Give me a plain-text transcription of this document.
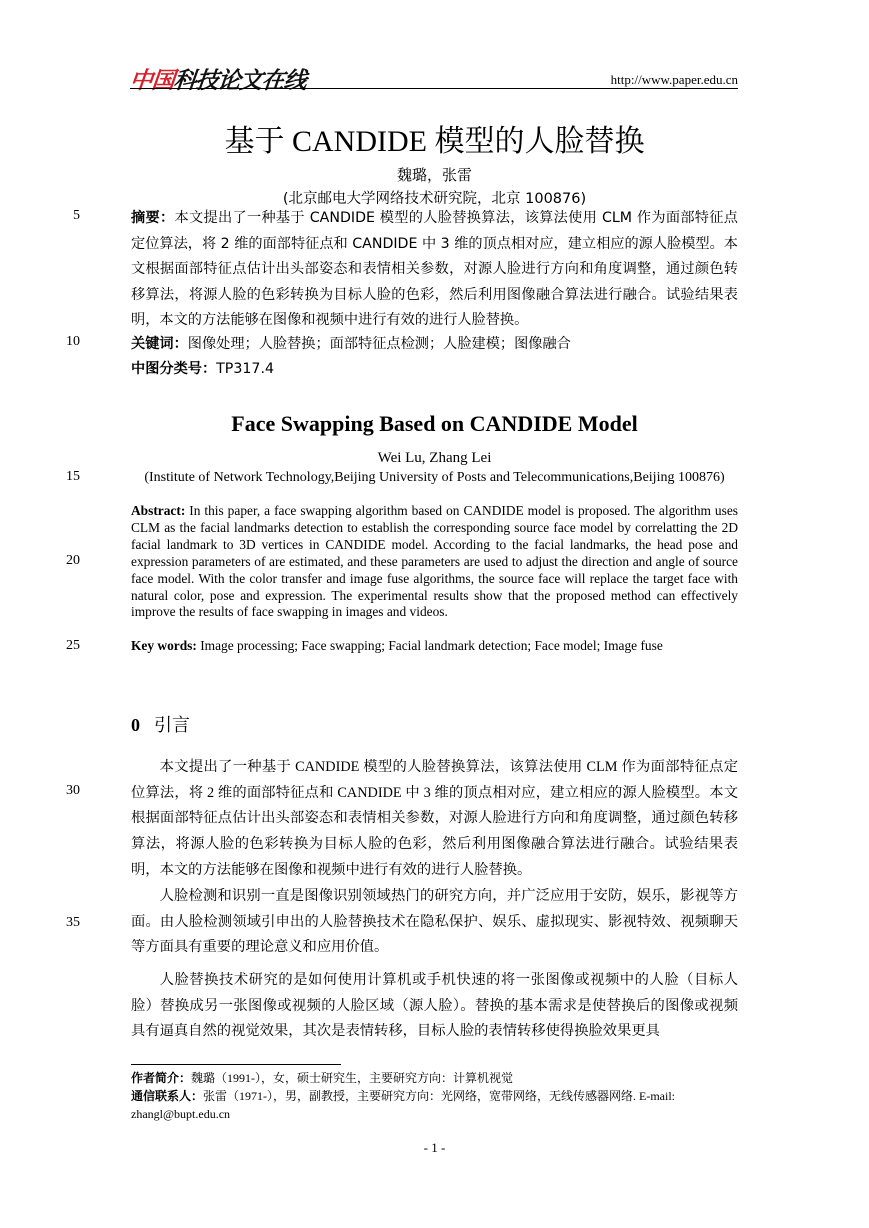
中国科技论文在线	http://www.paper.edu.cn
基于 CANDIDE 模型的人脸替换
魏璐，张雷
(北京邮电大学网络技术研究院，北京 100876)
5
10
15
20
25
30
35
摘要：本文提出了一种基于 CANDIDE 模型的人脸替换算法，该算法使用 CLM 作为面部特征点定位算法，将 2 维的面部特征点和 CANDIDE 中 3 维的顶点相对应，建立相应的源人脸模型。本文根据面部特征点估计出头部姿态和表情相关参数，对源人脸进行方向和角度调整，通过颜色转移算法，将源人脸的色彩转换为目标人脸的色彩，然后利用图像融合算法进行融合。试验结果表明，本文的方法能够在图像和视频中进行有效的进行人脸替换。
关键词：图像处理；人脸替换；面部特征点检测；人脸建模；图像融合
中图分类号：TP317.4
Face Swapping Based on CANDIDE Model
Wei Lu, Zhang Lei
(Institute of Network Technology,Beijing University of Posts and Telecommunications,Beijing 100876)
Abstract: In this paper, a face swapping algorithm based on CANDIDE model is proposed. The algorithm uses CLM as the facial landmarks detection to establish the corresponding source face model by correlatting the 2D facial landmark to 3D vertices in CANDIDE model. According to the facial landmarks, the head pose and expression parameters of are estimated, and these parameters are used to adjust the direction and angle of source face model. With the color transfer and image fuse algorithms, the source face will replace the target face with natural color, pose and expression. The experimental results show that the proposed method can effectively improve the results of face swapping in images and videos.
Key words: Image processing; Face swapping; Facial landmark detection; Face model; Image fuse
0 引言
本文提出了一种基于 CANDIDE 模型的人脸替换算法，该算法使用 CLM 作为面部特征点定位算法，将 2 维的面部特征点和 CANDIDE 中 3 维的顶点相对应，建立相应的源人脸模型。本文根据面部特征点估计出头部姿态和表情相关参数，对源人脸进行方向和角度调整，通过颜色转移算法，将源人脸的色彩转换为目标人脸的色彩，然后利用图像融合算法进行融合。试验结果表明，本文的方法能够在图像和视频中进行有效的进行人脸替换。
人脸检测和识别一直是图像识别领域热门的研究方向，并广泛应用于安防，娱乐，影视等方面。由人脸检测领域引申出的人脸替换技术在隐私保护、娱乐、虚拟现实、影视特效、视频聊天等方面具有重要的理论意义和应用价值。
人脸替换技术研究的是如何使用计算机或手机快速的将一张图像或视频中的人脸（目标人脸）替换成另一张图像或视频的人脸区域（源人脸）。替换的基本需求是使替换后的图像或视频具有逼真自然的视觉效果，其次是表情转移，目标人脸的表情转移使得换脸效果更具
作者简介：魏璐（1991-），女，硕士研究生，主要研究方向：计算机视觉
通信联系人：张雷（1971-），男，副教授，主要研究方向：光网络，宽带网络，无线传感器网络. E-mail: zhangl@bupt.edu.cn
- 1 -
